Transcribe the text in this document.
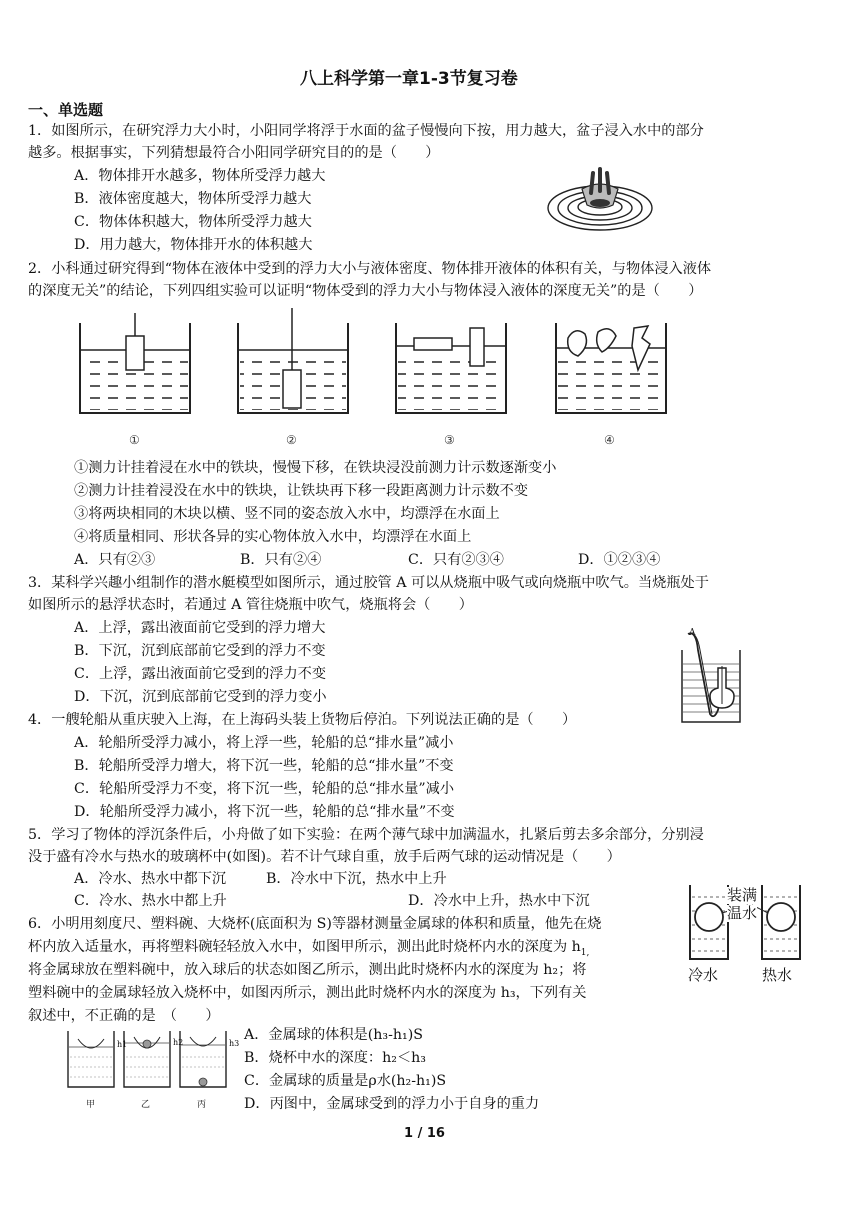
八上科学第一章1-3节复习卷
一、单选题
1．如图所示，在研究浮力大小时，小阳同学将浮于水面的盆子慢慢向下按，用力越大，盆子浸入水中的部分
越多。根据事实，下列猜想最符合小阳同学研究目的的是（　　）
A．物体排开水越多，物体所受浮力越大
B．液体密度越大，物体所受浮力越大
C．物体体积越大，物体所受浮力越大
D．用力越大，物体排开水的体积越大
2．小科通过研究得到“物体在液体中受到的浮力大小与液体密度、物体排开液体的体积有关，与物体浸入液体
的深度无关”的结论，下列四组实验可以证明“物体受到的浮力大小与物体浸入液体的深度无关”的是（　　）
①	②	③	④
①测力计挂着浸在水中的铁块，慢慢下移，在铁块浸没前测力计示数逐渐变小
②测力计挂着浸没在水中的铁块，让铁块再下移一段距离测力计示数不变
③将两块相同的木块以横、竖不同的姿态放入水中，均漂浮在水面上
④将质量相同、形状各异的实心物体放入水中，均漂浮在水面上
A．只有②③	B．只有②④	C．只有②③④	D．①②③④
3．某科学兴趣小组制作的潜水艇模型如图所示，通过胶管 A 可以从烧瓶中吸气或向烧瓶中吹气。当烧瓶处于
如图所示的悬浮状态时，若通过 A 管往烧瓶中吹气，烧瓶将会（　　）
A．上浮，露出液面前它受到的浮力增大
B．下沉，沉到底部前它受到的浮力不变
C．上浮，露出液面前它受到的浮力不变
D．下沉，沉到底部前它受到的浮力变小
A
4．一艘轮船从重庆驶入上海，在上海码头装上货物后停泊。下列说法正确的是（　　）
A．轮船所受浮力减小，将上浮一些，轮船的总“排水量”减小
B．轮船所受浮力增大，将下沉一些，轮船的总“排水量”不变
C．轮船所受浮力不变，将下沉一些，轮船的总“排水量”减小
D．轮船所受浮力减小，将下沉一些，轮船的总“排水量”不变
5．学习了物体的浮沉条件后，小舟做了如下实验：在两个薄气球中加满温水，扎紧后剪去多余部分，分别浸
没于盛有冷水与热水的玻璃杯中(如图)。若不计气球自重，放手后两气球的运动情况是（　　）
A．冷水、热水中都下沉	B．冷水中下沉，热水中上升
C．冷水、热水中都上升	D．冷水中上升，热水中下沉	装满
温水
冷水	热水
6．小明用刻度尺、塑料碗、大烧杯(底面积为 S)等器材测量金属球的体积和质量，他先在烧
杯内放入适量水，再将塑料碗轻轻放入水中，如图甲所示，测出此时烧杯内水的深度为 $h_{1,}$
将金属球放在塑料碗中，放入球后的状态如图乙所示，测出此时烧杯内水的深度为 h₂；将
塑料碗中的金属球轻放入烧杯中，如图丙所示，测出此时烧杯内水的深度为 h₃，下列有关
叙述中，不正确的是　（　　）
h1	h2	h3
甲	乙	丙
A．金属球的体积是(h₃-h₁)S
B．烧杯中水的深度：h₂＜h₃
C．金属球的质量是ρ水(h₂-h₁)S
D．丙图中，金属球受到的浮力小于自身的重力
1 / 16
